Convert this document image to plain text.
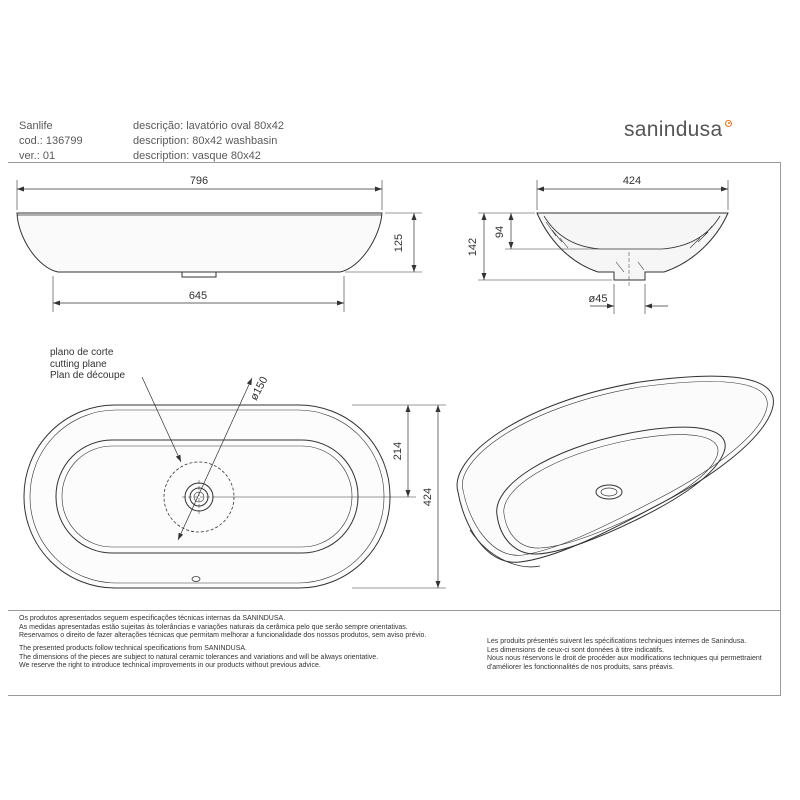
Sanlife
cod.: 136799
ver.: 01
descrição: lavatório oval 80x42
description: 80x42 washbasin
description: vasque 80x42
sanindusa
796
125
645
424
142
94
ø45
ø150
214
424
plano de corte
cutting plane
Plan de découpe
Os produtos apresentados seguem especificações técnicas internas da SANINDUSA.
As medidas apresentadas estão sujeitas às tolerâncias e variações naturais da cerâmica pelo que serão sempre orientativas.
Reservamos o direito de fazer alterações técnicas que permitam melhorar a funcionalidade dos nossos produtos, sem aviso prévio.
The presented products follow technical specifications from SANINDUSA.
The dimensions of the pieces are subject to natural ceramic tolerances and variations and will be always orientative.
We reserve the right to introduce technical improvements in our products without previous advice.
Les produits présentés suivent les spécifications techniques internes de Sanindusa.
Les dimensions de ceux-ci sont données à titre indicatifs.
Nous nous réservons le droit de procéder aux modifications techniques qui permettraient
d'améliorer les fonctionnalités de nos produits, sans préavis.
